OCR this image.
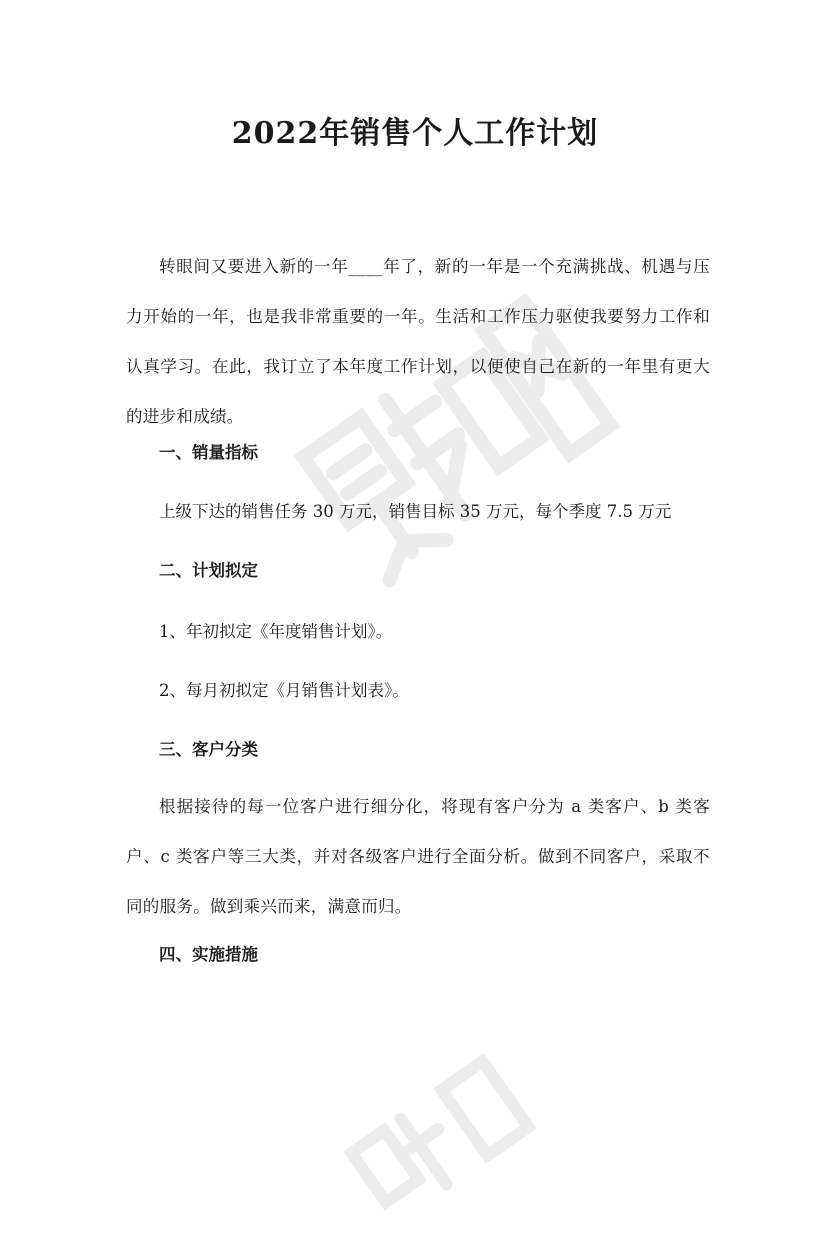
2022年销售个人工作计划

转眼间又要进入新的一年____年了，新的一年是一个充满挑战、机遇与压力开始的一年，也是我非常重要的一年。生活和工作压力驱使我要努力工作和认真学习。在此，我订立了本年度工作计划，以便使自己在新的一年里有更大的进步和成绩。

一、销量指标

上级下达的销售任务 30 万元，销售目标 35 万元，每个季度 7.5 万元

二、计划拟定

1、年初拟定《年度销售计划》。

2、每月初拟定《月销售计划表》。

三、客户分类

根据接待的每一位客户进行细分化，将现有客户分为 a 类客户、b 类客户、c 类客户等三大类，并对各级客户进行全面分析。做到不同客户，采取不同的服务。做到乘兴而来，满意而归。

四、实施措施
